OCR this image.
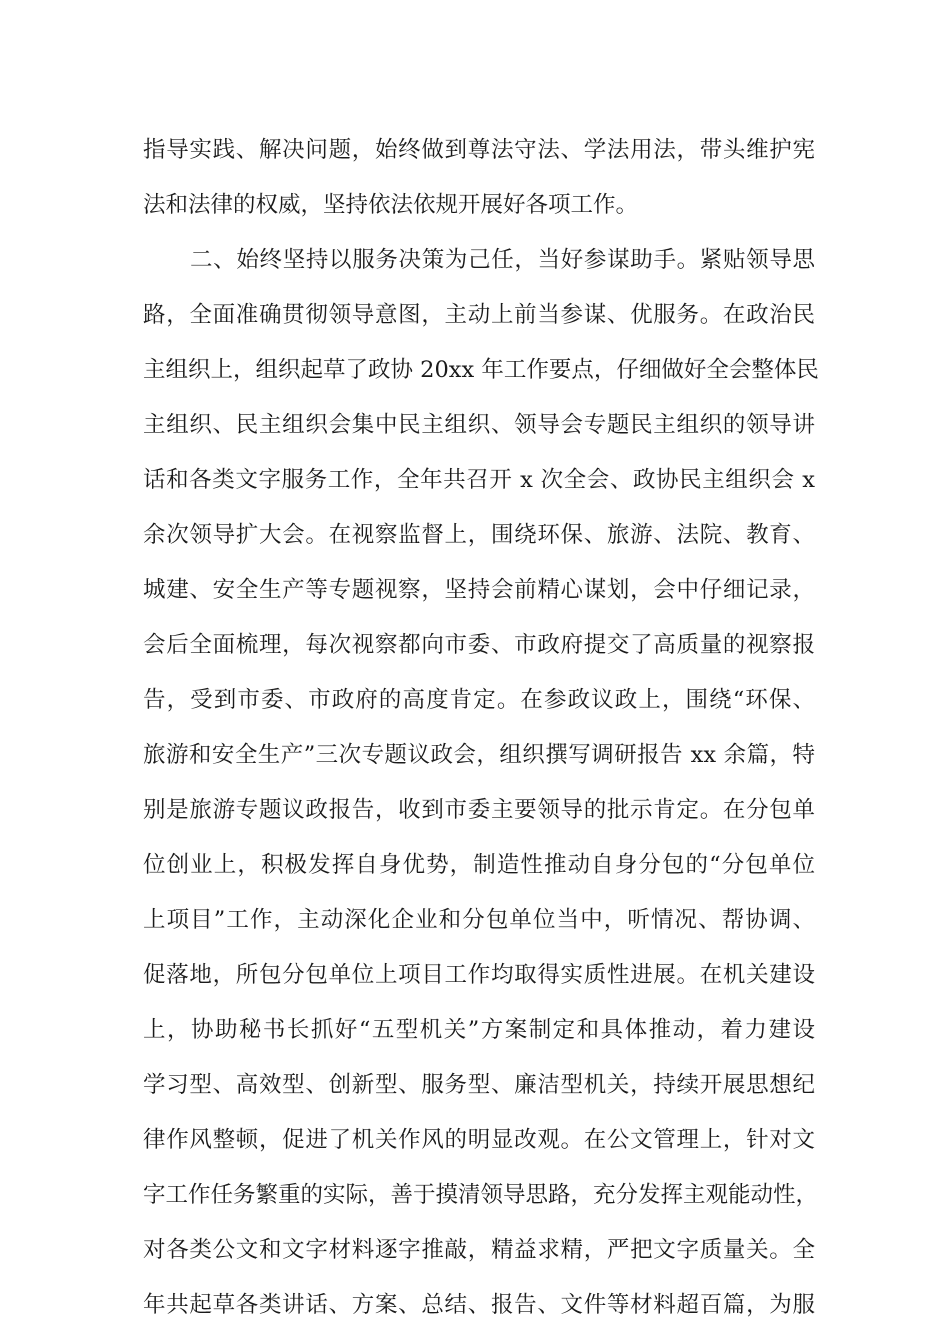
指导实践、解决问题，始终做到尊法守法、学法用法，带头维护宪
法和法律的权威，坚持依法依规开展好各项工作。
二、始终坚持以服务决策为己任，当好参谋助手。紧贴领导思
路，全面准确贯彻领导意图，主动上前当参谋、优服务。在政治民
主组织上，组织起草了政协 20xx 年工作要点，仔细做好全会整体民
主组织、民主组织会集中民主组织、领导会专题民主组织的领导讲
话和各类文字服务工作，全年共召开 x 次全会、政协民主组织会 x
余次领导扩大会。在视察监督上，围绕环保、旅游、法院、教育、
城建、安全生产等专题视察，坚持会前精心谋划，会中仔细记录，
会后全面梳理，每次视察都向市委、市政府提交了高质量的视察报
告，受到市委、市政府的高度肯定。在参政议政上，围绕“环保、
旅游和安全生产”三次专题议政会，组织撰写调研报告 xx 余篇，特
别是旅游专题议政报告，收到市委主要领导的批示肯定。在分包单
位创业上，积极发挥自身优势，制造性推动自身分包的“分包单位
上项目”工作，主动深化企业和分包单位当中，听情况、帮协调、
促落地，所包分包单位上项目工作均取得实质性进展。在机关建设
上，协助秘书长抓好“五型机关”方案制定和具体推动，着力建设
学习型、高效型、创新型、服务型、廉洁型机关，持续开展思想纪
律作风整顿，促进了机关作风的明显改观。在公文管理上，针对文
字工作任务繁重的实际，善于摸清领导思路，充分发挥主观能动性，
对各类公文和文字材料逐字推敲，精益求精，严把文字质量关。全
年共起草各类讲话、方案、总结、报告、文件等材料超百篇，为服
